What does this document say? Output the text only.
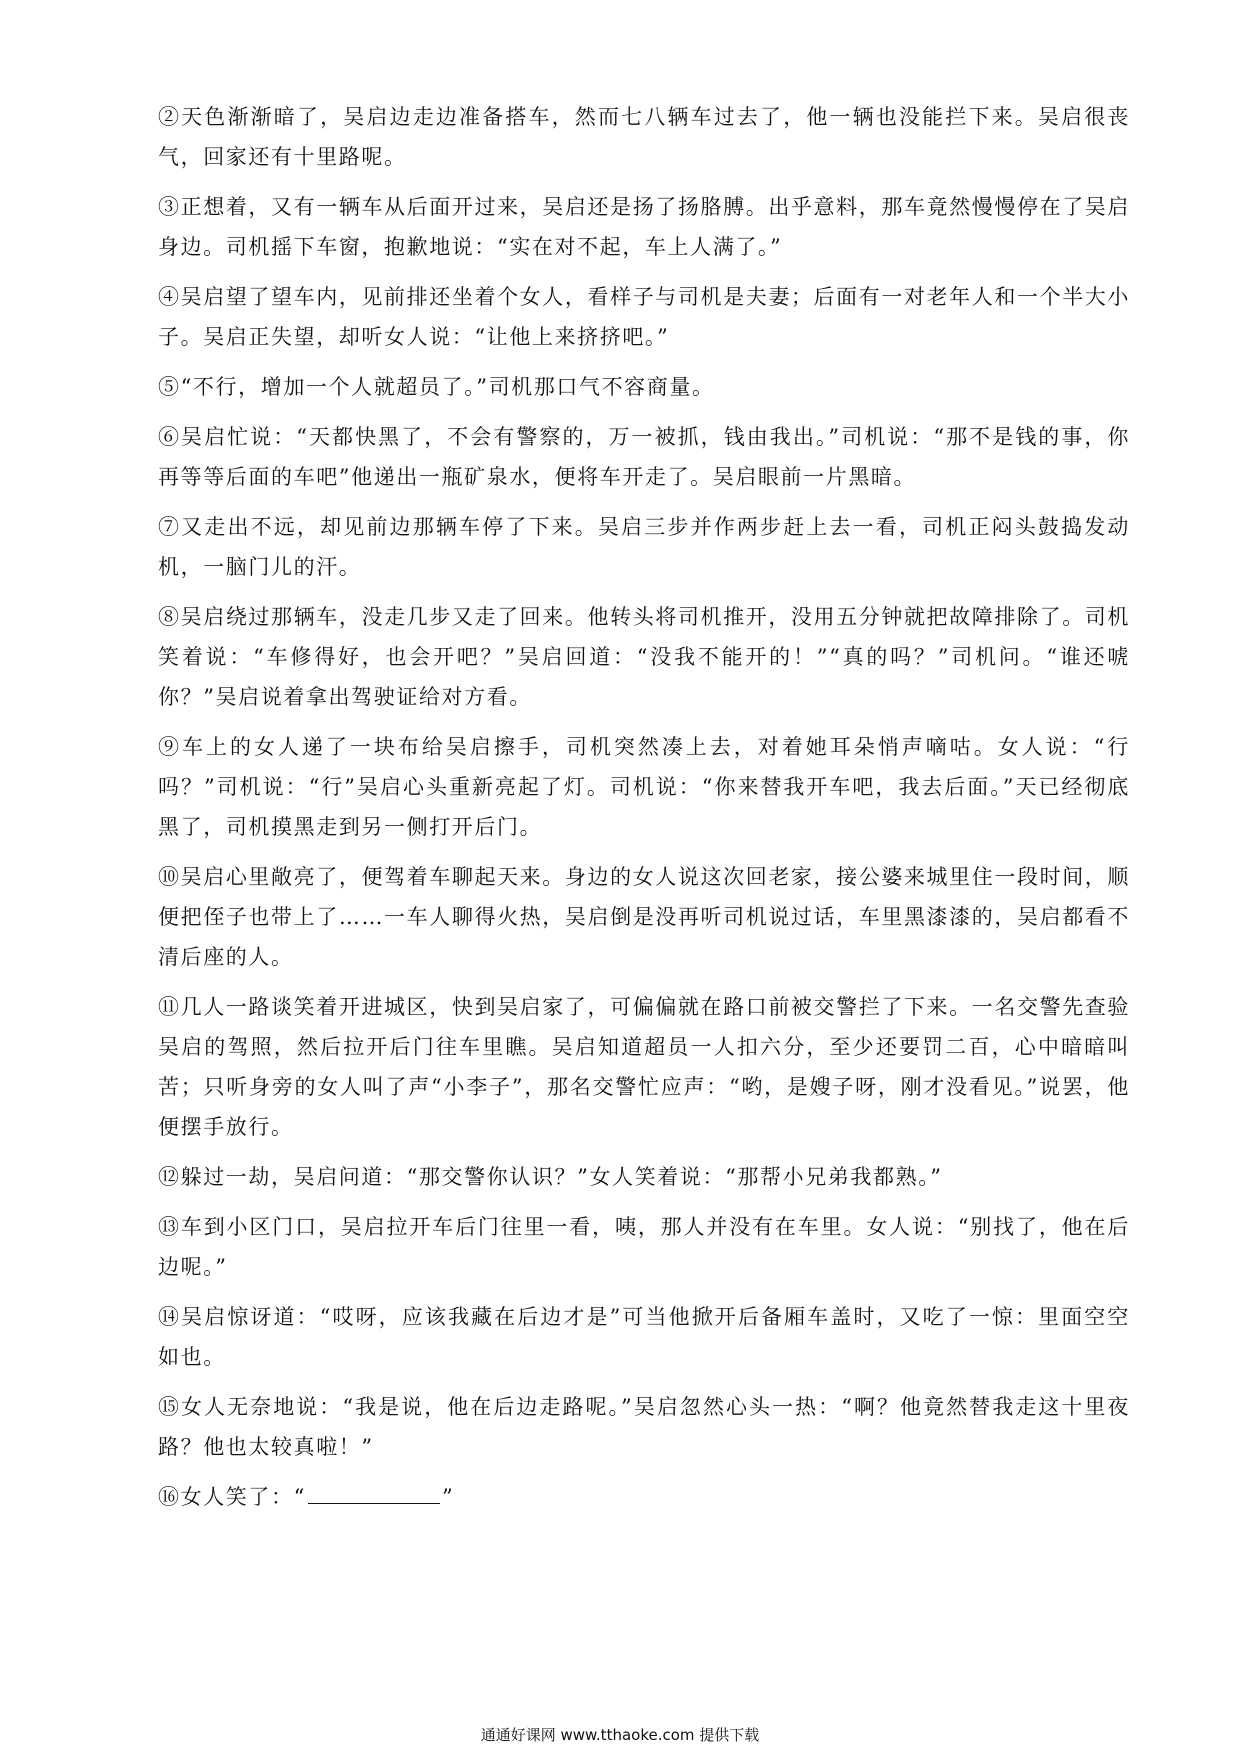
②天色渐渐暗了，吴启边走边准备搭车，然而七八辆车过去了，他一辆也没能拦下来。吴启很丧气，回家还有十里路呢。

③正想着，又有一辆车从后面开过来，吴启还是扬了扬胳膊。出乎意料，那车竟然慢慢停在了吴启身边。司机摇下车窗，抱歉地说：“实在对不起，车上人满了。”

④吴启望了望车内，见前排还坐着个女人，看样子与司机是夫妻；后面有一对老年人和一个半大小子。吴启正失望，却听女人说：“让他上来挤挤吧。”

⑤“不行，增加一个人就超员了。”司机那口气不容商量。

⑥吴启忙说：“天都快黑了，不会有警察的，万一被抓，钱由我出。”司机说：“那不是钱的事，你再等等后面的车吧”他递出一瓶矿泉水，便将车开走了。吴启眼前一片黑暗。

⑦又走出不远，却见前边那辆车停了下来。吴启三步并作两步赶上去一看，司机正闷头鼓捣发动机，一脑门儿的汗。

⑧吴启绕过那辆车，没走几步又走了回来。他转头将司机推开，没用五分钟就把故障排除了。司机笑着说：“车修得好，也会开吧？”吴启回道：“没我不能开的！”“真的吗？”司机问。“谁还唬你？”吴启说着拿出驾驶证给对方看。

⑨车上的女人递了一块布给吴启擦手，司机突然凑上去，对着她耳朵悄声嘀咕。女人说：“行吗？”司机说：“行”吴启心头重新亮起了灯。司机说：“你来替我开车吧，我去后面。”天已经彻底黑了，司机摸黑走到另一侧打开后门。

⑩吴启心里敞亮了，便驾着车聊起天来。身边的女人说这次回老家，接公婆来城里住一段时间，顺便把侄子也带上了……一车人聊得火热，吴启倒是没再听司机说过话，车里黑漆漆的，吴启都看不清后座的人。

⑪几人一路谈笑着开进城区，快到吴启家了，可偏偏就在路口前被交警拦了下来。一名交警先查验吴启的驾照，然后拉开后门往车里瞧。吴启知道超员一人扣六分，至少还要罚二百，心中暗暗叫苦；只听身旁的女人叫了声“小李子”，那名交警忙应声：“哟，是嫂子呀，刚才没看见。”说罢，他便摆手放行。

⑫躲过一劫，吴启问道：“那交警你认识？”女人笑着说：“那帮小兄弟我都熟。”

⑬车到小区门口，吴启拉开车后门往里一看，咦，那人并没有在车里。女人说：“别找了，他在后边呢。”

⑭吴启惊讶道：“哎呀，应该我藏在后边才是”可当他掀开后备厢车盖时，又吃了一惊：里面空空如也。

⑮女人无奈地说：“我是说，他在后边走路呢。”吴启忽然心头一热：“啊？他竟然替我走这十里夜路？他也太较真啦！”

⑯女人笑了：“	”

通通好课网 www.tthaoke.com 提供下载
